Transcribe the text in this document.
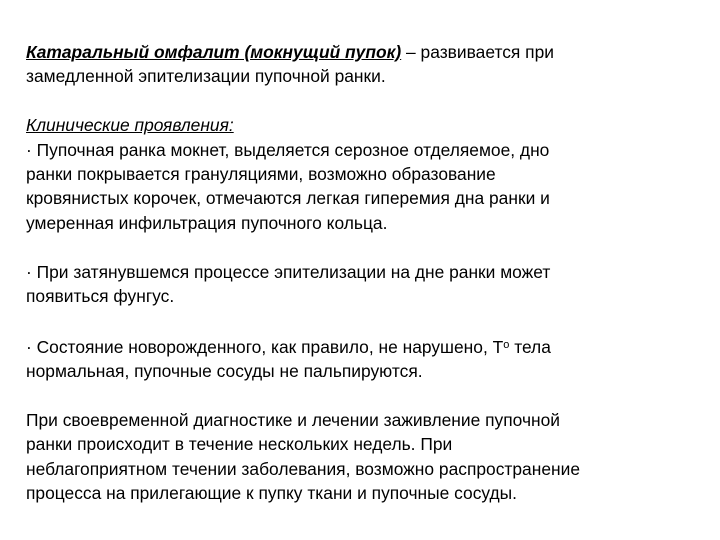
Катаральный омфалит (мокнущий пупок) – развивается при
замедленной эпителизации пупочной ранки.
Клинические проявления:
· Пупочная ранка мокнет, выделяется серозное отделяемое, дно
ранки покрывается грануляциями, возможно образование
кровянистых корочек, отмечаются легкая гиперемия дна ранки и
умеренная инфильтрация пупочного кольца.
· При затянувшемся процессе эпителизации на дне ранки может
появиться фунгус.
· Состояние новорожденного, как правило, не нарушено, $T^о$ тела
нормальная, пупочные сосуды не пальпируются.
При своевременной диагностике и лечении заживление пупочной
ранки происходит в течение нескольких недель. При
неблагоприятном течении заболевания, возможно распространение
процесса на прилегающие к пупку ткани и пупочные сосуды.
